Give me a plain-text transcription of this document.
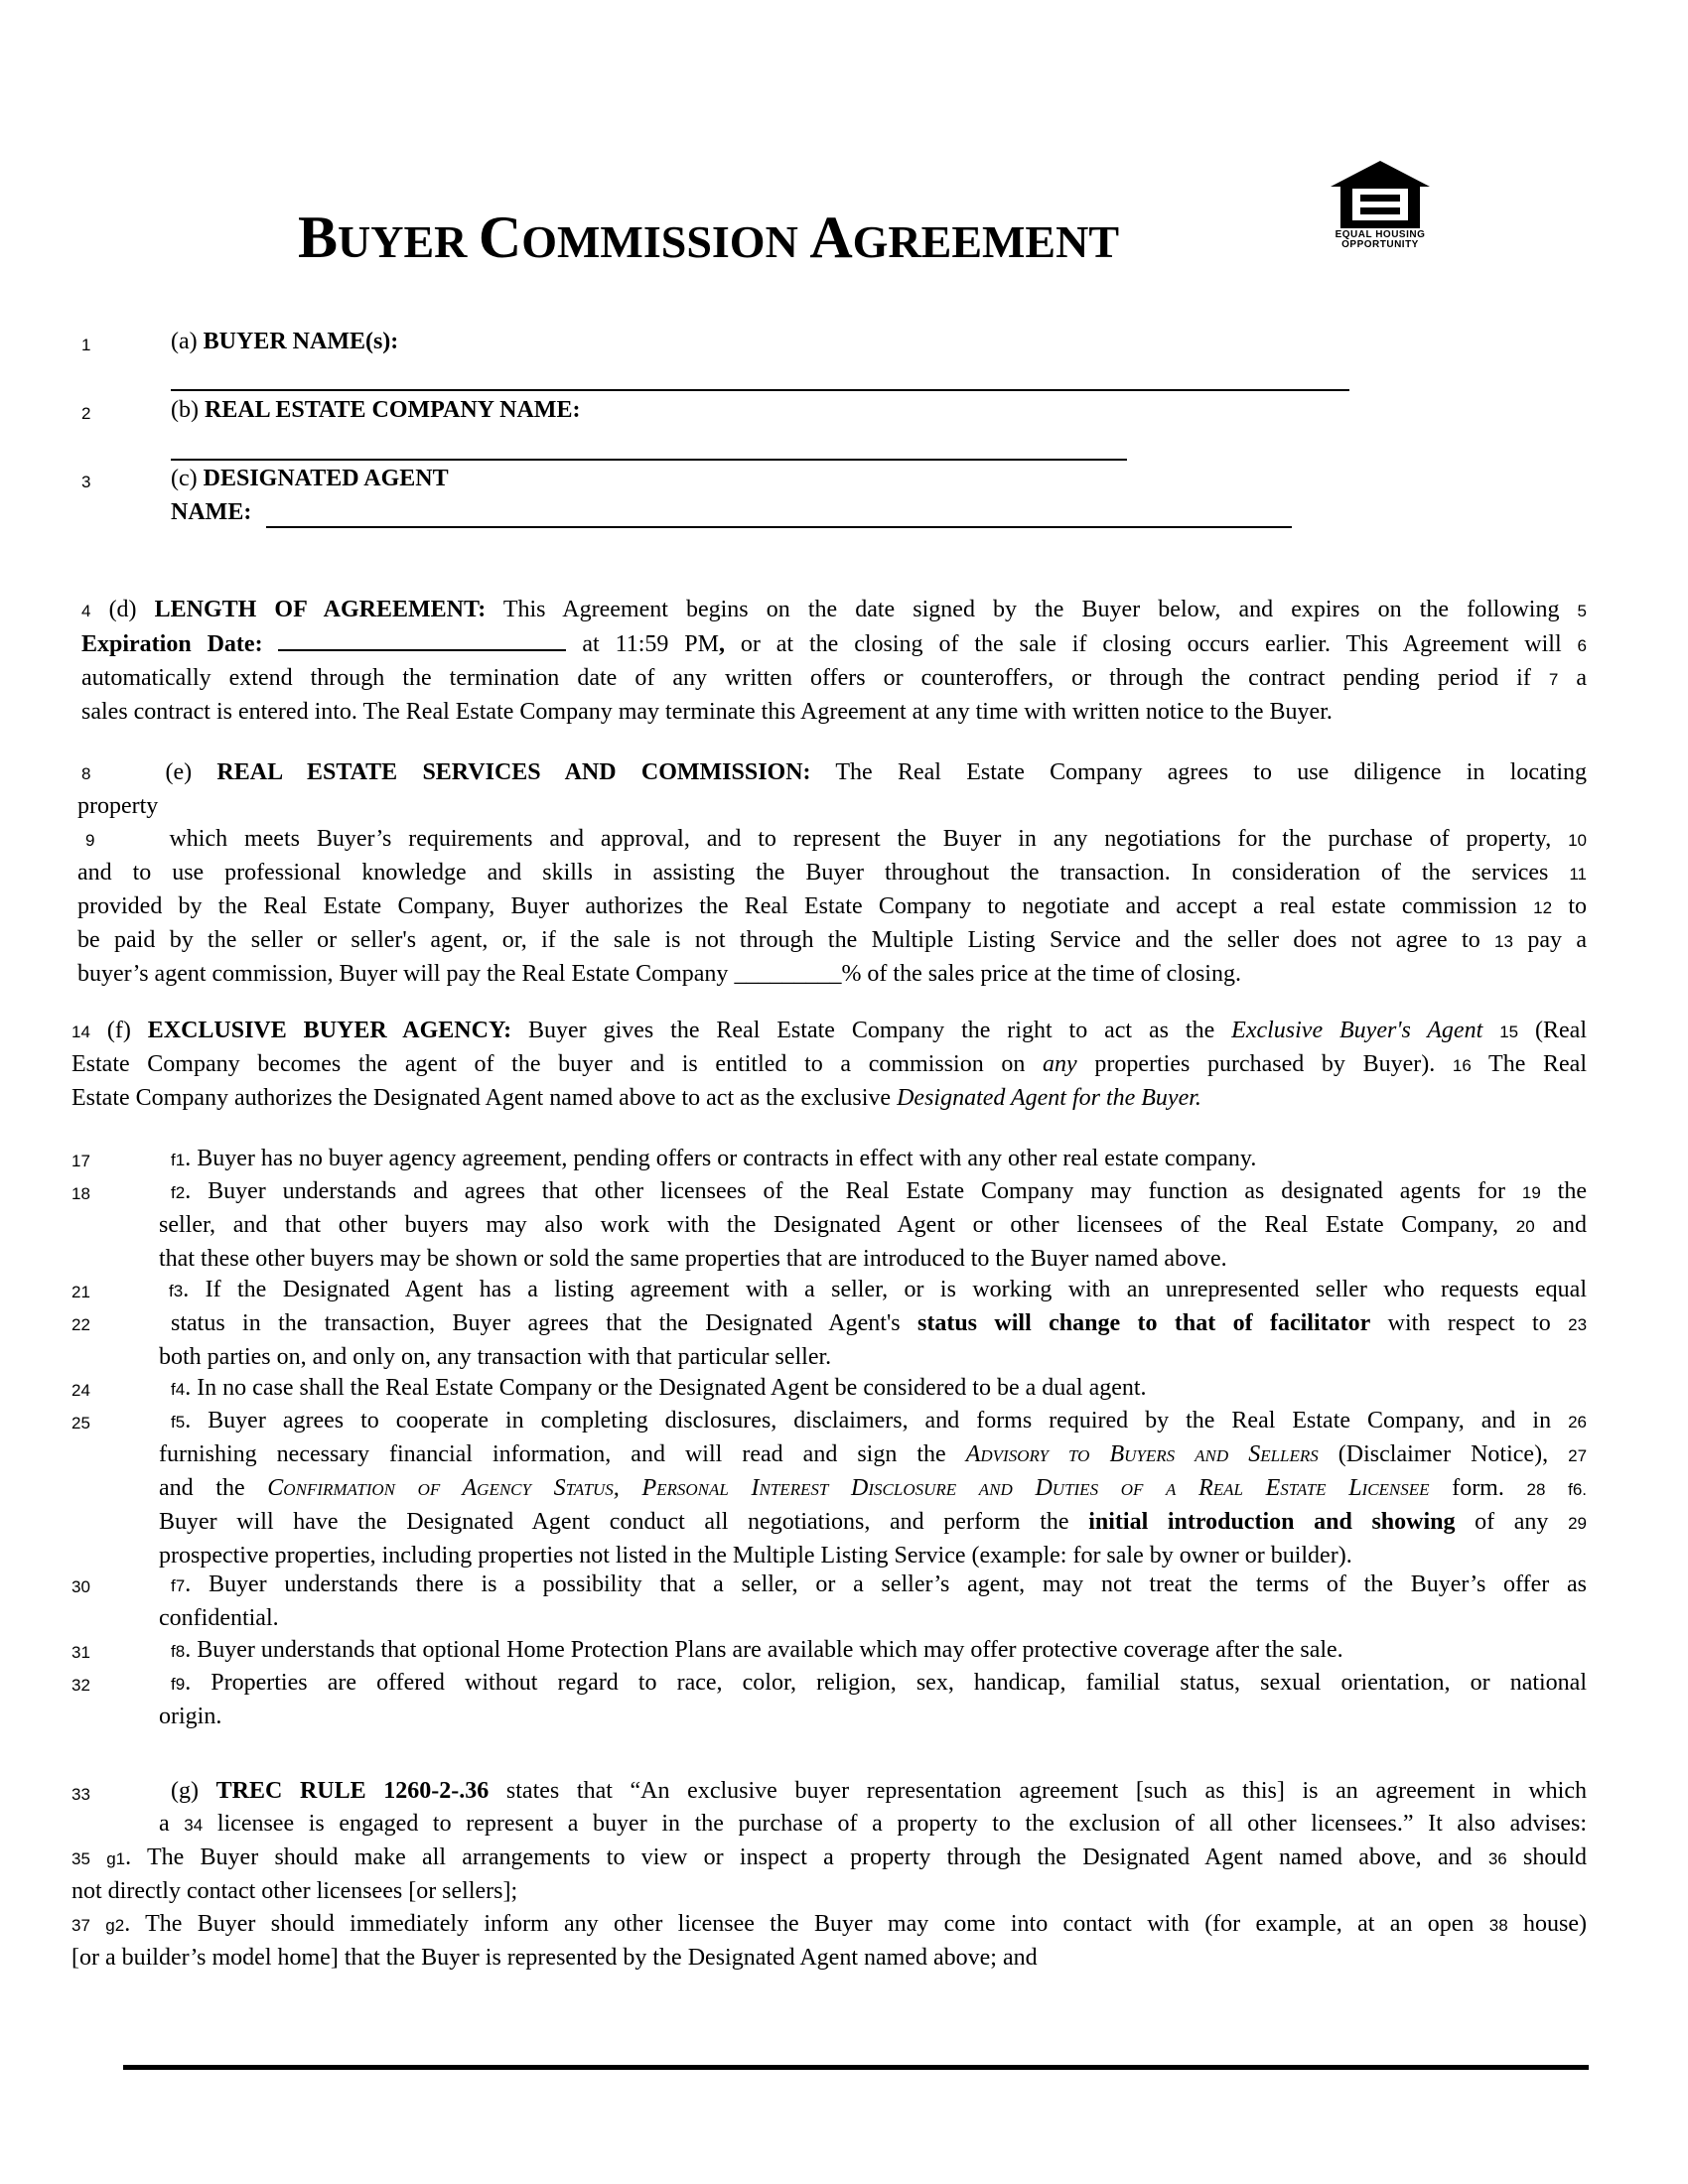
BUYER COMMISSION AGREEMENT	EQUAL HOUSING
OPPORTUNITY
1	(a) BUYER NAME(s):
2	(b) REAL ESTATE COMPANY NAME:
3	(c) DESIGNATED AGENT
NAME:
4 (d) LENGTH OF AGREEMENT: This Agreement begins on the date signed by the Buyer below, and expires on the following 5
Expiration Date:	at 11:59 PM, or at the closing of the sale if closing occurs earlier. This Agreement will 6
automatically extend through the termination date of any written offers or counteroffers, or through the contract pending period if 7 a
sales contract is entered into. The Real Estate Company may terminate this Agreement at any time with written notice to the Buyer.
8	(e) REAL ESTATE SERVICES AND COMMISSION: The Real Estate Company agrees to use diligence in locating
property
9	which meets Buyer’s requirements and approval, and to represent the Buyer in any negotiations for the purchase of property, 10
and to use professional knowledge and skills in assisting the Buyer throughout the transaction. In consideration of the services 11
provided by the Real Estate Company, Buyer authorizes the Real Estate Company to negotiate and accept a real estate commission 12 to
be paid by the seller or seller's agent, or, if the sale is not through the Multiple Listing Service and the seller does not agree to 13 pay a
buyer’s agent commission, Buyer will pay the Real Estate Company _________% of the sales price at the time of closing.
14 (f) EXCLUSIVE BUYER AGENCY: Buyer gives the Real Estate Company the right to act as the Exclusive Buyer's Agent 15 (Real
Estate Company becomes the agent of the buyer and is entitled to a commission on any properties purchased by Buyer). 16 The Real
Estate Company authorizes the Designated Agent named above to act as the exclusive Designated Agent for the Buyer.
17
18
21
22
24
25
30
31
32
f1. Buyer has no buyer agency agreement, pending offers or contracts in effect with any other real estate company.
f2. Buyer understands and agrees that other licensees of the Real Estate Company may function as designated agents for 19 the
seller, and that other buyers may also work with the Designated Agent or other licensees of the Real Estate Company, 20 and
that these other buyers may be shown or sold the same properties that are introduced to the Buyer named above.
f3. If the Designated Agent has a listing agreement with a seller, or is working with an unrepresented seller who requests equal
status in the transaction, Buyer agrees that the Designated Agent's status will change to that of facilitator with respect to 23
both parties on, and only on, any transaction with that particular seller.
f4. In no case shall the Real Estate Company or the Designated Agent be considered to be a dual agent.
f5. Buyer agrees to cooperate in completing disclosures, disclaimers, and forms required by the Real Estate Company, and in 26
furnishing necessary financial information, and will read and sign the Advisory to Buyers and Sellers (Disclaimer Notice), 27
and the Confirmation of Agency Status, Personal Interest Disclosure and Duties of a Real Estate Licensee form. 28 f6.
Buyer will have the Designated Agent conduct all negotiations, and perform the initial introduction and showing of any 29
prospective properties, including properties not listed in the Multiple Listing Service (example: for sale by owner or builder).
f7. Buyer understands there is a possibility that a seller, or a seller’s agent, may not treat the terms of the Buyer’s offer as
confidential.
f8. Buyer understands that optional Home Protection Plans are available which may offer protective coverage after the sale.
f9. Properties are offered without regard to race, color, religion, sex, handicap, familial status, sexual orientation, or national
origin.
33	(g) TREC RULE 1260-2-.36 states that “An exclusive buyer representation agreement [such as this] is an agreement in which
a 34 licensee is engaged to represent a buyer in the purchase of a property to the exclusion of all other licensees.” It also advises:
35 g1. The Buyer should make all arrangements to view or inspect a property through the Designated Agent named above, and 36 should
not directly contact other licensees [or sellers];
37 g2. The Buyer should immediately inform any other licensee the Buyer may come into contact with (for example, at an open 38 house)
[or a builder’s model home] that the Buyer is represented by the Designated Agent named above; and
